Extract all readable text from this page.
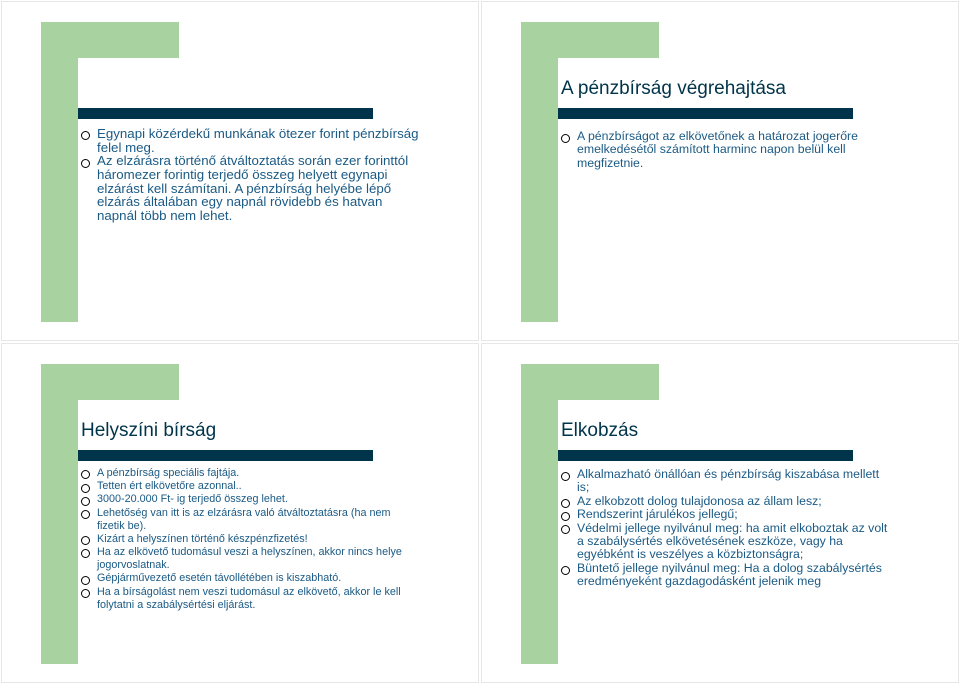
Egynapi közérdekű munkának ötezer forint pénzbírság felel meg.
Az elzárásra történő átváltoztatás során ezer forinttól háromezer forintig terjedő összeg helyett egynapi elzárást kell számítani. A pénzbírság helyébe lépő elzárás általában egy napnál rövidebb és hatvan napnál több nem lehet.
A pénzbírság végrehajtása
A pénzbírságot az elkövetőnek a határozat jogerőre emelkedésétől számított harminc napon belül kell megfizetnie.
Helyszíni bírság
A pénzbírság speciális fajtája.
Tetten ért elkövetőre azonnal..
3000-20.000 Ft- ig terjedő összeg lehet.
Lehetőség van itt is az elzárásra való átváltoztatásra (ha nem fizetik be).
Kizárt a helyszínen történő készpénzfizetés!
Ha az elkövető tudomásul veszi a helyszínen, akkor nincs helye jogorvoslatnak.
Gépjárművezető esetén távollétében is kiszabható.
Ha a bírságolást nem veszi tudomásul az elkövető, akkor le kell folytatni a szabálysértési eljárást.
Elkobzás
Alkalmazható önállóan és pénzbírság kiszabása mellett is;
Az elkobzott dolog tulajdonosa az állam lesz;
Rendszerint járulékos jellegű;
Védelmi jellege nyilvánul meg: ha amit elkoboztak az volt a szabálysértés elkövetésének eszköze, vagy ha egyébként is veszélyes a közbiztonságra;
Büntető jellege nyilvánul meg: Ha a dolog szabálysértés eredményeként gazdagodásként jelenik meg
